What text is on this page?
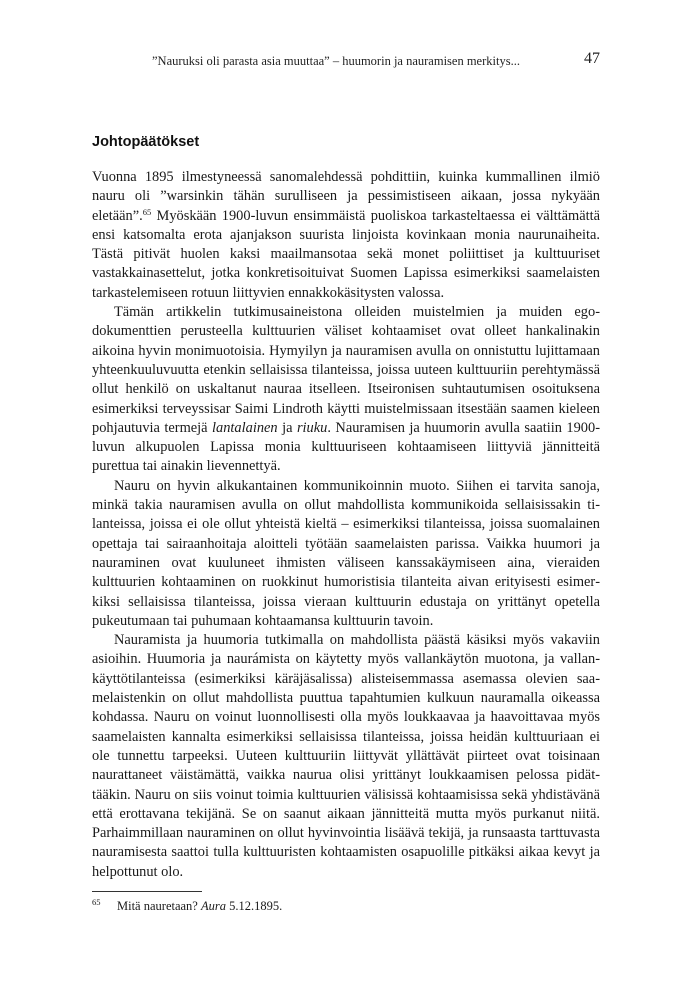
”Nauruksi oli parasta asia muuttaa” – huumorin ja nauramisen merkitys...	47
Johtopäätökset

Vuonna 1895 ilmestyneessä sanomalehdessä pohdittiin, kuinka kummallinen ilmiö nauru oli ”warsinkin tähän surulliseen ja pessimistiseen aikaan, jossa nykyään eletään”.$^{65}$ Myöskään 1900-luvun ensimmäistä puoliskoa tarkasteltaessa ei välttämättä ensi katsomalta erota ajanjakson suurista linjoista kovinkaan monia naurunaiheita. Tästä pitivät huolen kaksi maailmansotaa sekä monet poliittiset ja kulttuuriset vastakkainasettelut, jotka konkretisoituivat Suomen Lapissa esimerkiksi saamelaisten tarkastelemiseen rotuun liittyvien ennakkokäsitysten valossa.

Tämän artikkelin tutkimusaineistona olleiden muistelmien ja muiden egodokumenttien perusteella kulttuurien väliset kohtaamiset ovat olleet hankalinakin aikoina hyvin monimuotoisia. Hymyilyn ja nauramisen avulla on onnistuttu lujittamaan yhteenkuuluvuutta etenkin sellaisissa tilanteissa, joissa uuteen kulttuuriin perehtymässä ollut henkilö on uskaltanut nauraa itselleen. Itseironisen suhtautumisen osoituksena esimerkiksi terveyssisar Saimi Lindroth käytti muistelmissaan itsestään saamen kieleen pohjautuvia termejä lantalainen ja riuku. Nauramisen ja huumorin avulla saatiin 1900-luvun alkupuolen Lapissa monia kulttuuriseen kohtaamiseen liittyviä jännitteitä purettua tai ainakin lievennettyä.

Nauru on hyvin alkukantainen kommunikoinnin muoto. Siihen ei tarvita sanoja, minkä takia nauramisen avulla on ollut mahdollista kommunikoida sellaisissakin tilanteissa, joissa ei ole ollut yhteistä kieltä – esimerkiksi tilanteissa, joissa suomalainen opettaja tai sairaanhoitaja aloitteli työtään saamelaisten parissa. Vaikka huumori ja nauraminen ovat kuuluneet ihmisten väliseen kanssakäymiseen aina, vieraiden kulttuurien kohtaaminen on ruokkinut humoristisia tilanteita aivan erityisesti esimerkiksi sellaisissa tilanteissa, joissa vieraan kulttuurin edustaja on yrittänyt opetella pukeutumaan tai puhumaan kohtaamansa kulttuurin tavoin.

Nauramista ja huumoria tutkimalla on mahdollista päästä käsiksi myös vakaviin asioihin. Huumoria ja naurámista on käytetty myös vallankäytön muotona, ja vallankäyttötilanteissa (esimerkiksi käräjäsalissa) alisteisemmassa asemassa olevien saamelaistenkin on ollut mahdollista puuttua tapahtumien kulkuun nauramalla oikeassa kohdassa. Nauru on voinut luonnollisesti olla myös loukkaavaa ja haavoittavaa myös saamelaisten kannalta esimerkiksi sellaisissa tilanteissa, joissa heidän kulttuuriaan ei ole tunnettu tarpeeksi. Uuteen kulttuuriin liittyvät yllättävät piirteet ovat toisinaan naurattaneet väistämättä, vaikka naurua olisi yrittänyt loukkaamisen pelossa pidättääkin. Nauru on siis voinut toimia kulttuurien välisissä kohtaamisissa sekä yhdistävänä että erottavana tekijänä. Se on saanut aikaan jännitteitä mutta myös purkanut niitä. Parhaimmillaan nauraminen on ollut hyvinvointia lisäävä tekijä, ja runsaasta tarttuvasta nauramisesta saattoi tulla kulttuuristen kohtaamisten osapuolille pitkäksi aikaa kevyt ja helpottunut olo.

65 Mitä nauretaan? Aura 5.12.1895.
